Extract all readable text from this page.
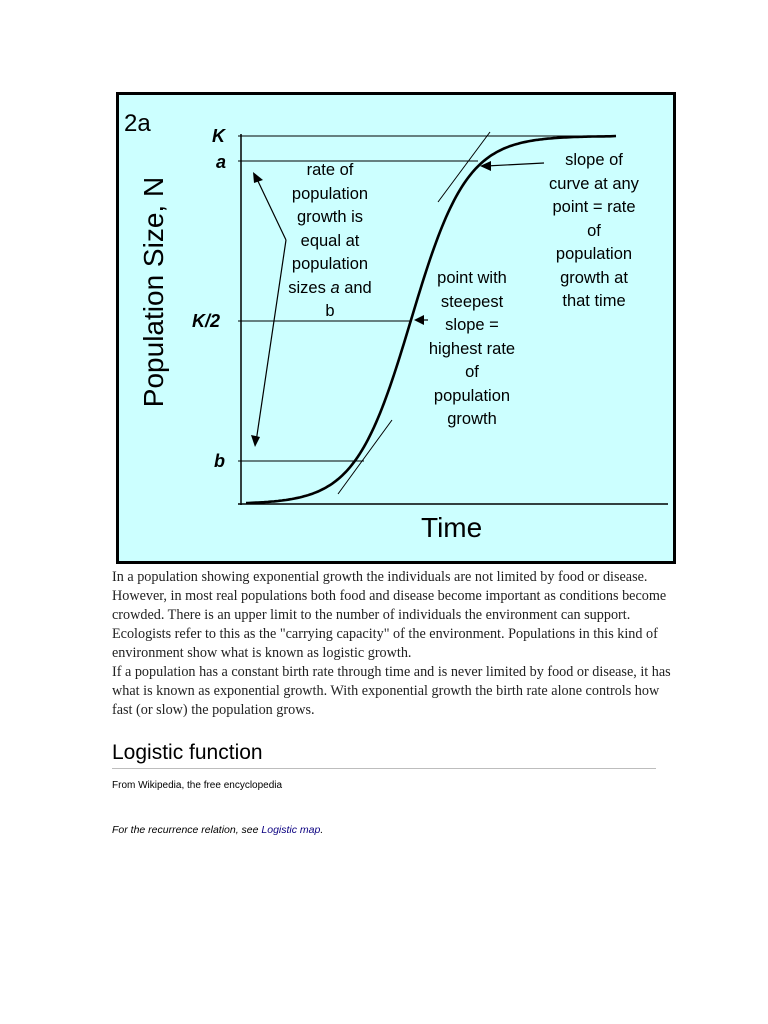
2a
Population Size, N
Time
K
a
K/2
b
rate of
population
growth is
equal at
population
sizes a and
b
point with
steepest
slope =
highest rate
of
population
growth
slope of
curve at any
point = rate
of
population
growth at
that time

In a population showing exponential growth the individuals are not limited by food or disease. However, in most real populations both food and disease become important as conditions become crowded. There is an upper limit to the number of individuals the environment can support. Ecologists refer to this as the "carrying capacity" of the environment. Populations in this kind of environment show what is known as logistic growth.

If a population has a constant birth rate through time and is never limited by food or disease, it has what is known as exponential growth. With exponential growth the birth rate alone controls how fast (or slow) the population grows.

Logistic function
From Wikipedia, the free encyclopedia
For the recurrence relation, see Logistic map.
